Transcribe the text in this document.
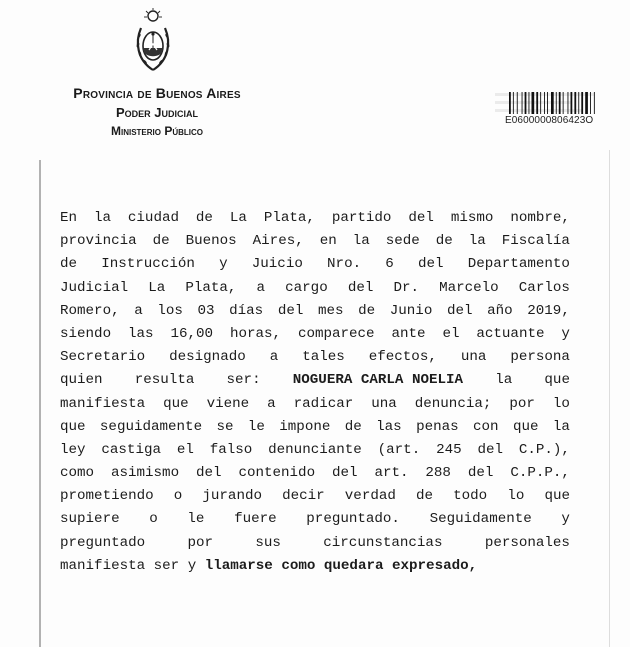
Provincia de Buenos Aires
Poder Judicial
Ministerio Público
E0600000806423O
En la ciudad de La Plata, partido del mismo nombre,
provincia de Buenos Aires, en la sede de la Fiscalía
de Instrucción y Juicio Nro. 6 del Departamento
Judicial La Plata, a cargo del Dr. Marcelo Carlos
Romero, a los 03 días del mes de Junio del año 2019,
siendo las 16,00 horas, comparece ante el actuante y
Secretario designado a tales efectos, una persona
quien resulta ser: NOGUERA CARLA NOELIA la que
manifiesta que viene a radicar una denuncia; por lo
que seguidamente se le impone de las penas con que la
ley castiga el falso denunciante (art. 245 del C.P.),
como asimismo del contenido del art. 288 del C.P.P.,
prometiendo o jurando decir verdad de todo lo que
supiere o le fuere preguntado. Seguidamente y
preguntado	por	sus	circunstancias	personales
manifiesta ser y llamarse como quedara expresado,
